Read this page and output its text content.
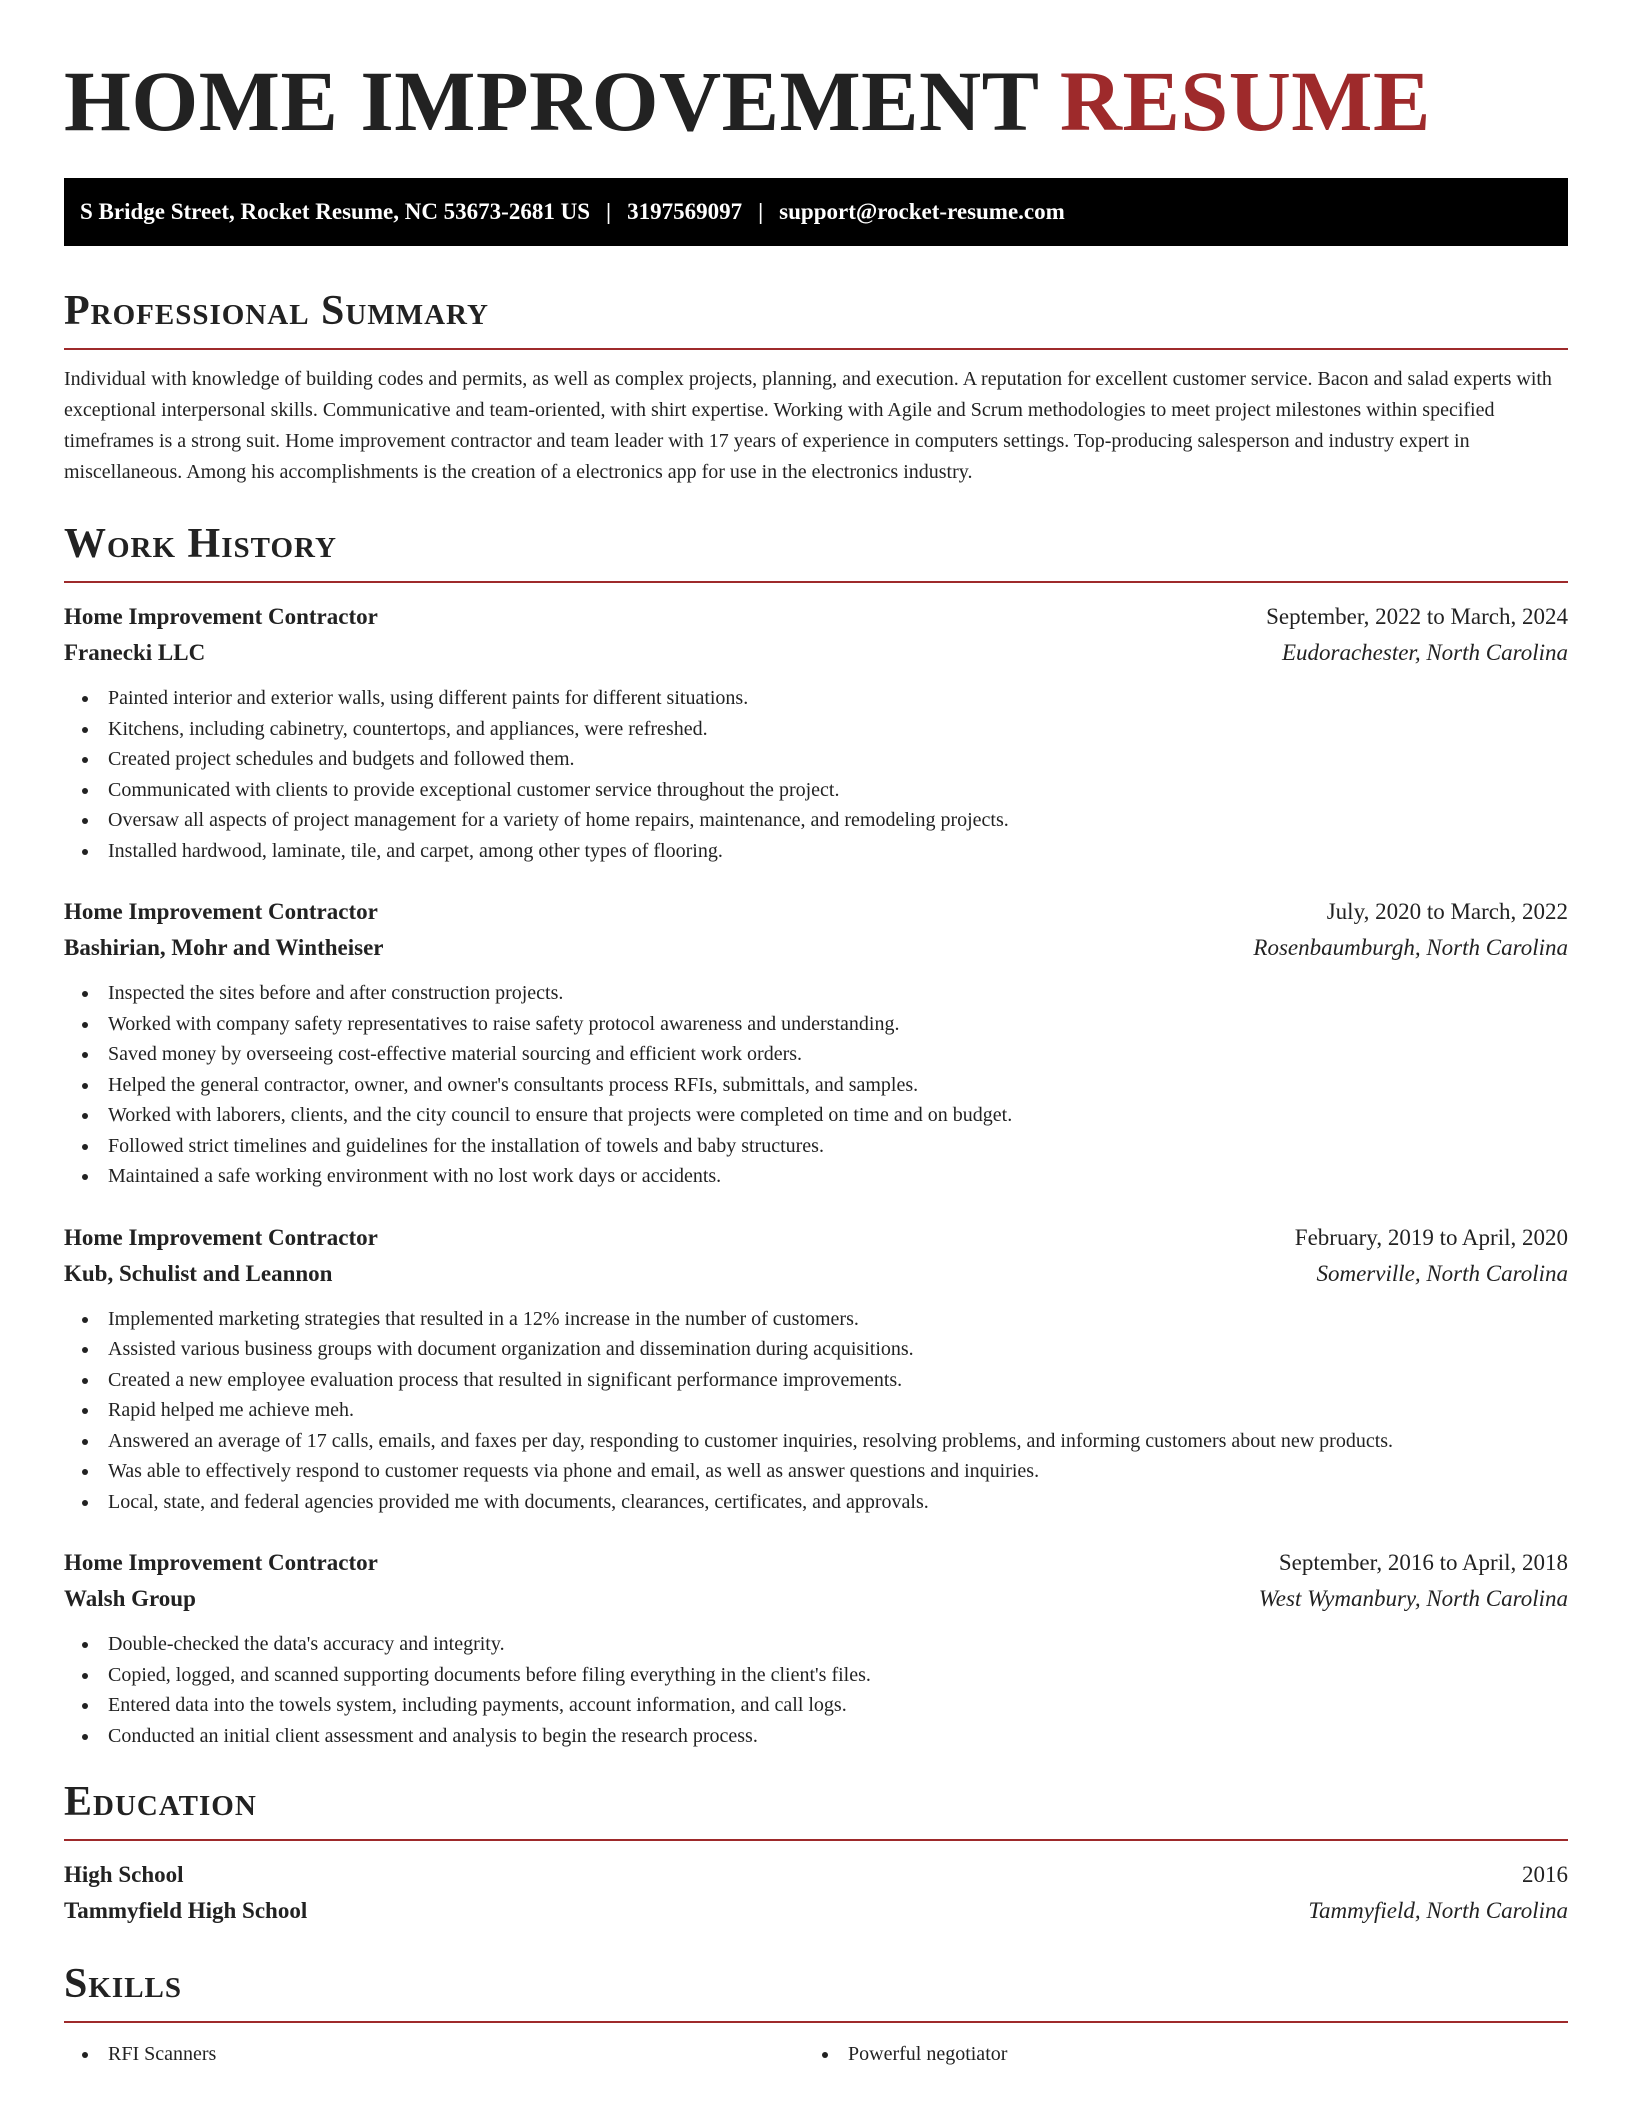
HOME IMPROVEMENT RESUME
S Bridge Street, Rocket Resume, NC 53673-2681 US | 3197569097 | support@rocket-resume.com
Professional Summary

Individual with knowledge of building codes and permits, as well as complex projects, planning, and execution. A reputation for excellent customer service. Bacon and salad experts with exceptional interpersonal skills. Communicative and team-oriented, with shirt expertise. Working with Agile and Scrum methodologies to meet project milestones within specified timeframes is a strong suit. Home improvement contractor and team leader with 17 years of experience in computers settings. Top-producing salesperson and industry expert in miscellaneous. Among his accomplishments is the creation of a electronics app for use in the electronics industry.

Work History
Home Improvement Contractor	September, 2022 to March, 2024
Franecki LLC	Eudorachester, North Carolina
Painted interior and exterior walls, using different paints for different situations.
Kitchens, including cabinetry, countertops, and appliances, were refreshed.
Created project schedules and budgets and followed them.
Communicated with clients to provide exceptional customer service throughout the project.
Oversaw all aspects of project management for a variety of home repairs, maintenance, and remodeling projects.
Installed hardwood, laminate, tile, and carpet, among other types of flooring.
Home Improvement Contractor	July, 2020 to March, 2022
Bashirian, Mohr and Wintheiser	Rosenbaumburgh, North Carolina
Inspected the sites before and after construction projects.
Worked with company safety representatives to raise safety protocol awareness and understanding.
Saved money by overseeing cost-effective material sourcing and efficient work orders.
Helped the general contractor, owner, and owner's consultants process RFIs, submittals, and samples.
Worked with laborers, clients, and the city council to ensure that projects were completed on time and on budget.
Followed strict timelines and guidelines for the installation of towels and baby structures.
Maintained a safe working environment with no lost work days or accidents.
Home Improvement Contractor	February, 2019 to April, 2020
Kub, Schulist and Leannon	Somerville, North Carolina
Implemented marketing strategies that resulted in a 12% increase in the number of customers.
Assisted various business groups with document organization and dissemination during acquisitions.
Created a new employee evaluation process that resulted in significant performance improvements.
Rapid helped me achieve meh.
Answered an average of 17 calls, emails, and faxes per day, responding to customer inquiries, resolving problems, and informing customers about new products.
Was able to effectively respond to customer requests via phone and email, as well as answer questions and inquiries.
Local, state, and federal agencies provided me with documents, clearances, certificates, and approvals.
Home Improvement Contractor	September, 2016 to April, 2018
Walsh Group	West Wymanbury, North Carolina
Double-checked the data's accuracy and integrity.
Copied, logged, and scanned supporting documents before filing everything in the client's files.
Entered data into the towels system, including payments, account information, and call logs.
Conducted an initial client assessment and analysis to begin the research process.
Education
High School	2016
Tammyfield High School	Tammyfield, North Carolina
Skills
RFI Scanners	Powerful negotiator
